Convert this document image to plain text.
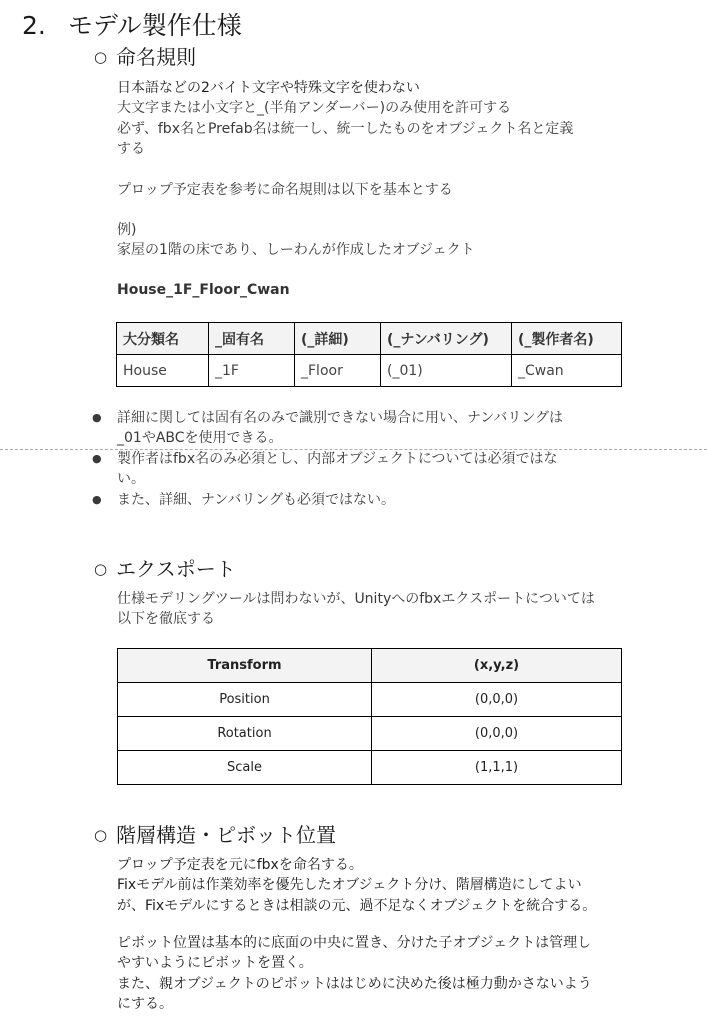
2. モデル製作仕様
○ 命名規則
日本語などの2バイト文字や特殊文字を使わない
大文字または小文字と_(半角アンダーバー)のみ使用を許可する
必ず、fbx名とPrefab名は統一し、統一したものをオブジェクト名と定義
する
プロップ予定表を参考に命名規則は以下を基本とする
例)
家屋の1階の床であり、しーわんが作成したオブジェクト
House_1F_Floor_Cwan
大分類名	_固有名	(_詳細)	(_ナンバリング)	(_製作者名)
House	_1F	_Floor	(_01)	_Cwan
● 詳細に関しては固有名のみで識別できない場合に用い、ナンバリングは
_01やABCを使用できる。
● 製作者はfbx名のみ必須とし、内部オブジェクトについては必須ではな
い。
● また、詳細、ナンバリングも必須ではない。
○ エクスポート
仕様モデリングツールは問わないが、Unityへのfbxエクスポートについては
以下を徹底する
Transform	(x,y,z)
Position	(0,0,0)
Rotation	(0,0,0)
Scale	(1,1,1)
○ 階層構造・ピボット位置
プロップ予定表を元にfbxを命名する。
Fixモデル前は作業効率を優先したオブジェクト分け、階層構造にしてよい
が、Fixモデルにするときは相談の元、過不足なくオブジェクトを統合する。
ピボット位置は基本的に底面の中央に置き、分けた子オブジェクトは管理し
やすいようにピボットを置く。
また、親オブジェクトのピボットははじめに決めた後は極力動かさないよう
にする。
